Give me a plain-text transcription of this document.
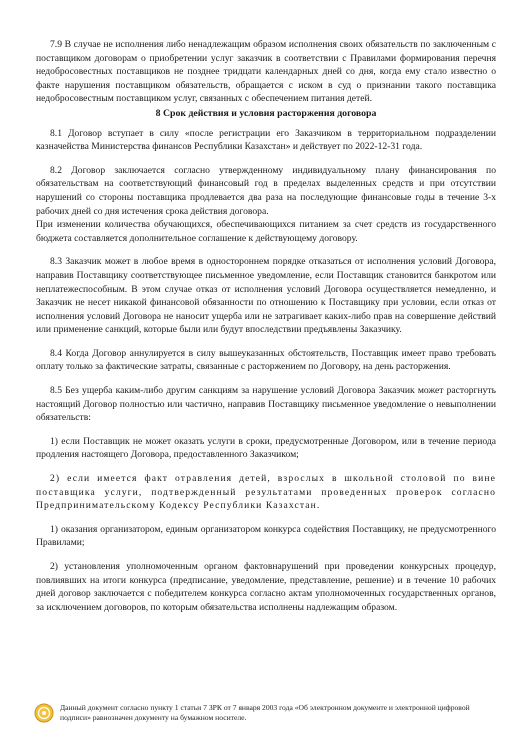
7.9 В случае не исполнения либо ненадлежащим образом исполнения своих обязательств по заключенным с поставщиком договорам о приобретении услуг заказчик в соответствии с Правилами формирования перечня недобросовестных поставщиков не позднее тридцати календарных дней со дня, когда ему стало известно о факте нарушения поставщиком обязательств, обращается с иском в суд о признании такого поставщика недобросовестным поставщиком услуг, связанных с обеспечением питания детей.

8 Срок действия и условия расторжения договора

8.1 Договор вступает в силу «после регистрации его Заказчиком в территориальном подразделении казначейства Министерства финансов Республики Казахстан» и действует по 2022-12-31 года.

8.2 Договор заключается согласно утвержденному индивидуальному плану финансирования по обязательствам на соответствующий финансовый год в пределах выделенных средств и при отсутствии нарушений со стороны поставщика продлевается два раза на последующие финансовые годы в течение 3-х рабочих дней со дня истечения срока действия договора.

При изменении количества обучающихся, обеспечивающихся питанием за счет средств из государственного бюджета составляется дополнительное соглашение к действующему договору.

8.3 Заказчик может в любое время в одностороннем порядке отказаться от исполнения условий Договора, направив Поставщику соответствующее письменное уведомление, если Поставщик становится банкротом или неплатежеспособным. В этом случае отказ от исполнения условий Договора осуществляется немедленно, и Заказчик не несет никакой финансовой обязанности по отношению к Поставщику при условии, если отказ от исполнения условий Договора не наносит ущерба или не затрагивает каких-либо прав на совершение действий или применение санкций, которые были или будут впоследствии предъявлены Заказчику.

8.4 Когда Договор аннулируется в силу вышеуказанных обстоятельств, Поставщик имеет право требовать оплату только за фактические затраты, связанные с расторжением по Договору, на день расторжения.

8.5 Без ущерба каким-либо другим санкциям за нарушение условий Договора Заказчик может расторгнуть настоящий Договор полностью или частично, направив Поставщику письменное уведомление о невыполнении обязательств:

1) если Поставщик не может оказать услуги в сроки, предусмотренные Договором, или в течение периода продления настоящего Договора, предоставленного Заказчиком;

2) если имеется факт отравления детей, взрослых в школьной столовой по вине поставщика услуги, подтвержденный результатами проведенных проверок согласно Предпринимательскому Кодексу Республики Казахстан.

1) оказания организатором, единым организатором конкурса содействия Поставщику, не предусмотренного Правилами;

2) установления уполномоченным органом фактовнарушений при проведении конкурсных процедур, повлиявших на итоги конкурса (предписание, уведомление, представление, решение) и в течение 10 рабочих дней договор заключается с победителем конкурса согласно актам уполномоченных государственных органов, за исключением договоров, по которым обязательства исполнены надлежащим образом.

Данный документ согласно пункту 1 статьи 7 ЗРК от 7 января 2003 года «Об электронном документе и электронной цифровой подписи» равнозначен документу на бумажном носителе.
